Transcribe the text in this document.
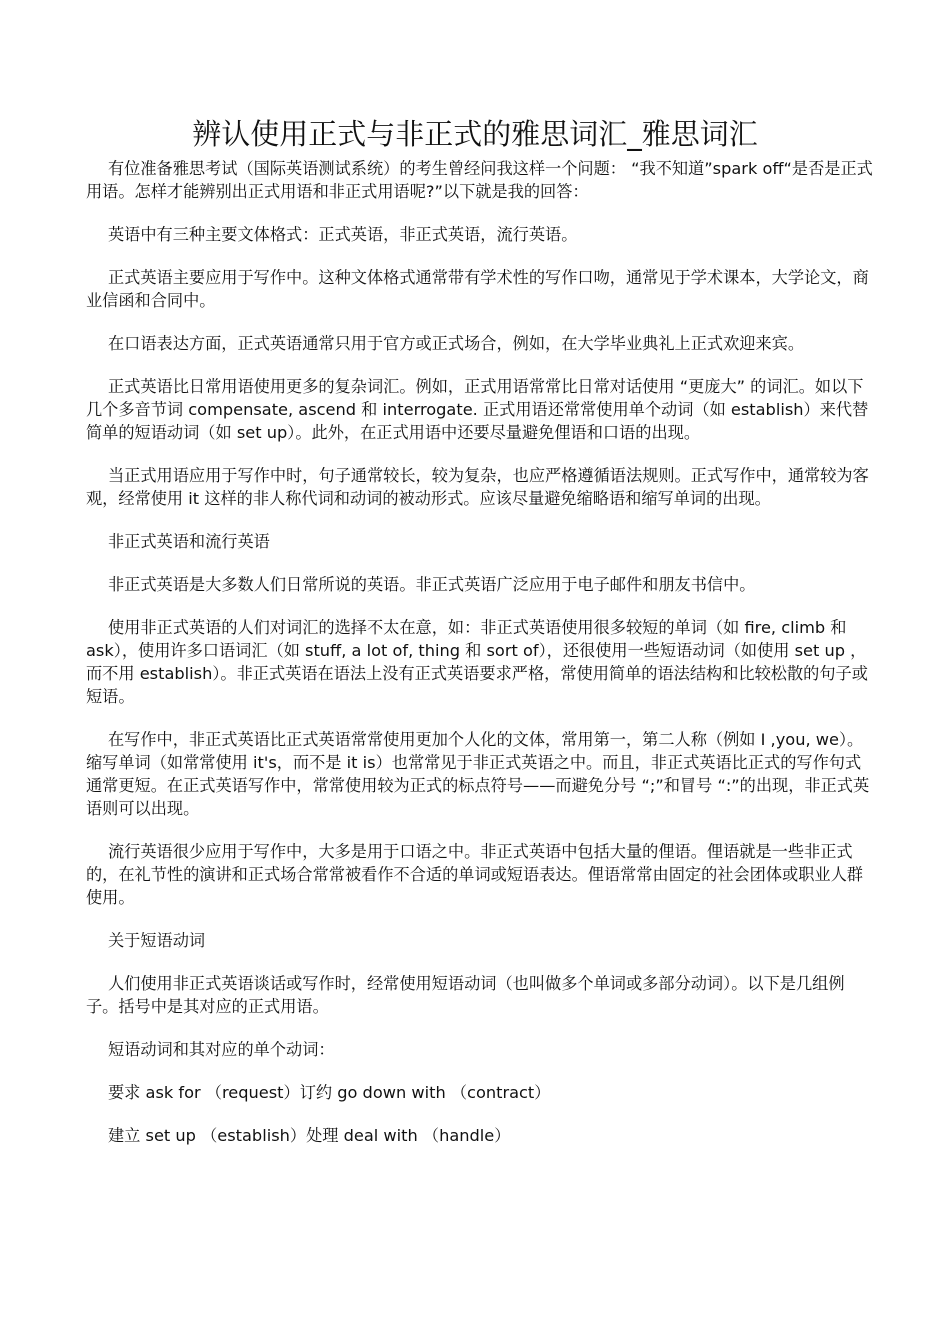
辨认使用正式与非正式的雅思词汇_雅思词汇

有位准备雅思考试（国际英语测试系统）的考生曾经问我这样一个问题： “我不知道”spark off“是否是正式用语。怎样才能辨别出正式用语和非正式用语呢?”以下就是我的回答：

英语中有三种主要文体格式：正式英语，非正式英语，流行英语。

正式英语主要应用于写作中。这种文体格式通常带有学术性的写作口吻，通常见于学术课本，大学论文，商业信函和合同中。

在口语表达方面，正式英语通常只用于官方或正式场合，例如，在大学毕业典礼上正式欢迎来宾。

正式英语比日常用语使用更多的复杂词汇。例如，正式用语常常比日常对话使用 “更庞大” 的词汇。如以下几个多音节词 compensate, ascend 和 interrogate. 正式用语还常常使用单个动词（如 establish）来代替简单的短语动词（如 set up）。此外，在正式用语中还要尽量避免俚语和口语的出现。

当正式用语应用于写作中时，句子通常较长，较为复杂，也应严格遵循语法规则。正式写作中，通常较为客观，经常使用 it 这样的非人称代词和动词的被动形式。应该尽量避免缩略语和缩写单词的出现。

非正式英语和流行英语

非正式英语是大多数人们日常所说的英语。非正式英语广泛应用于电子邮件和朋友书信中。

使用非正式英语的人们对词汇的选择不太在意，如：非正式英语使用很多较短的单词（如 fire, climb 和 ask），使用许多口语词汇（如 stuff, a lot of, thing 和 sort of），还很使用一些短语动词（如使用 set up ，而不用 establish）。非正式英语在语法上没有正式英语要求严格，常使用简单的语法结构和比较松散的句子或短语。

在写作中，非正式英语比正式英语常常使用更加个人化的文体，常用第一，第二人称（例如 I ,you, we）。缩写单词（如常常使用 it's，而不是 it is）也常常见于非正式英语之中。而且，非正式英语比正式的写作句式通常更短。在正式英语写作中，常常使用较为正式的标点符号——而避免分号 “;”和冒号 “:”的出现，非正式英语则可以出现。

流行英语很少应用于写作中，大多是用于口语之中。非正式英语中包括大量的俚语。俚语就是一些非正式的，在礼节性的演讲和正式场合常常被看作不合适的单词或短语表达。俚语常常由固定的社会团体或职业人群使用。

关于短语动词

人们使用非正式英语谈话或写作时，经常使用短语动词（也叫做多个单词或多部分动词）。以下是几组例子。括号中是其对应的正式用语。

短语动词和其对应的单个动词：

要求 ask for （request）订约 go down with （contract）

建立 set up （establish）处理 deal with （handle）
